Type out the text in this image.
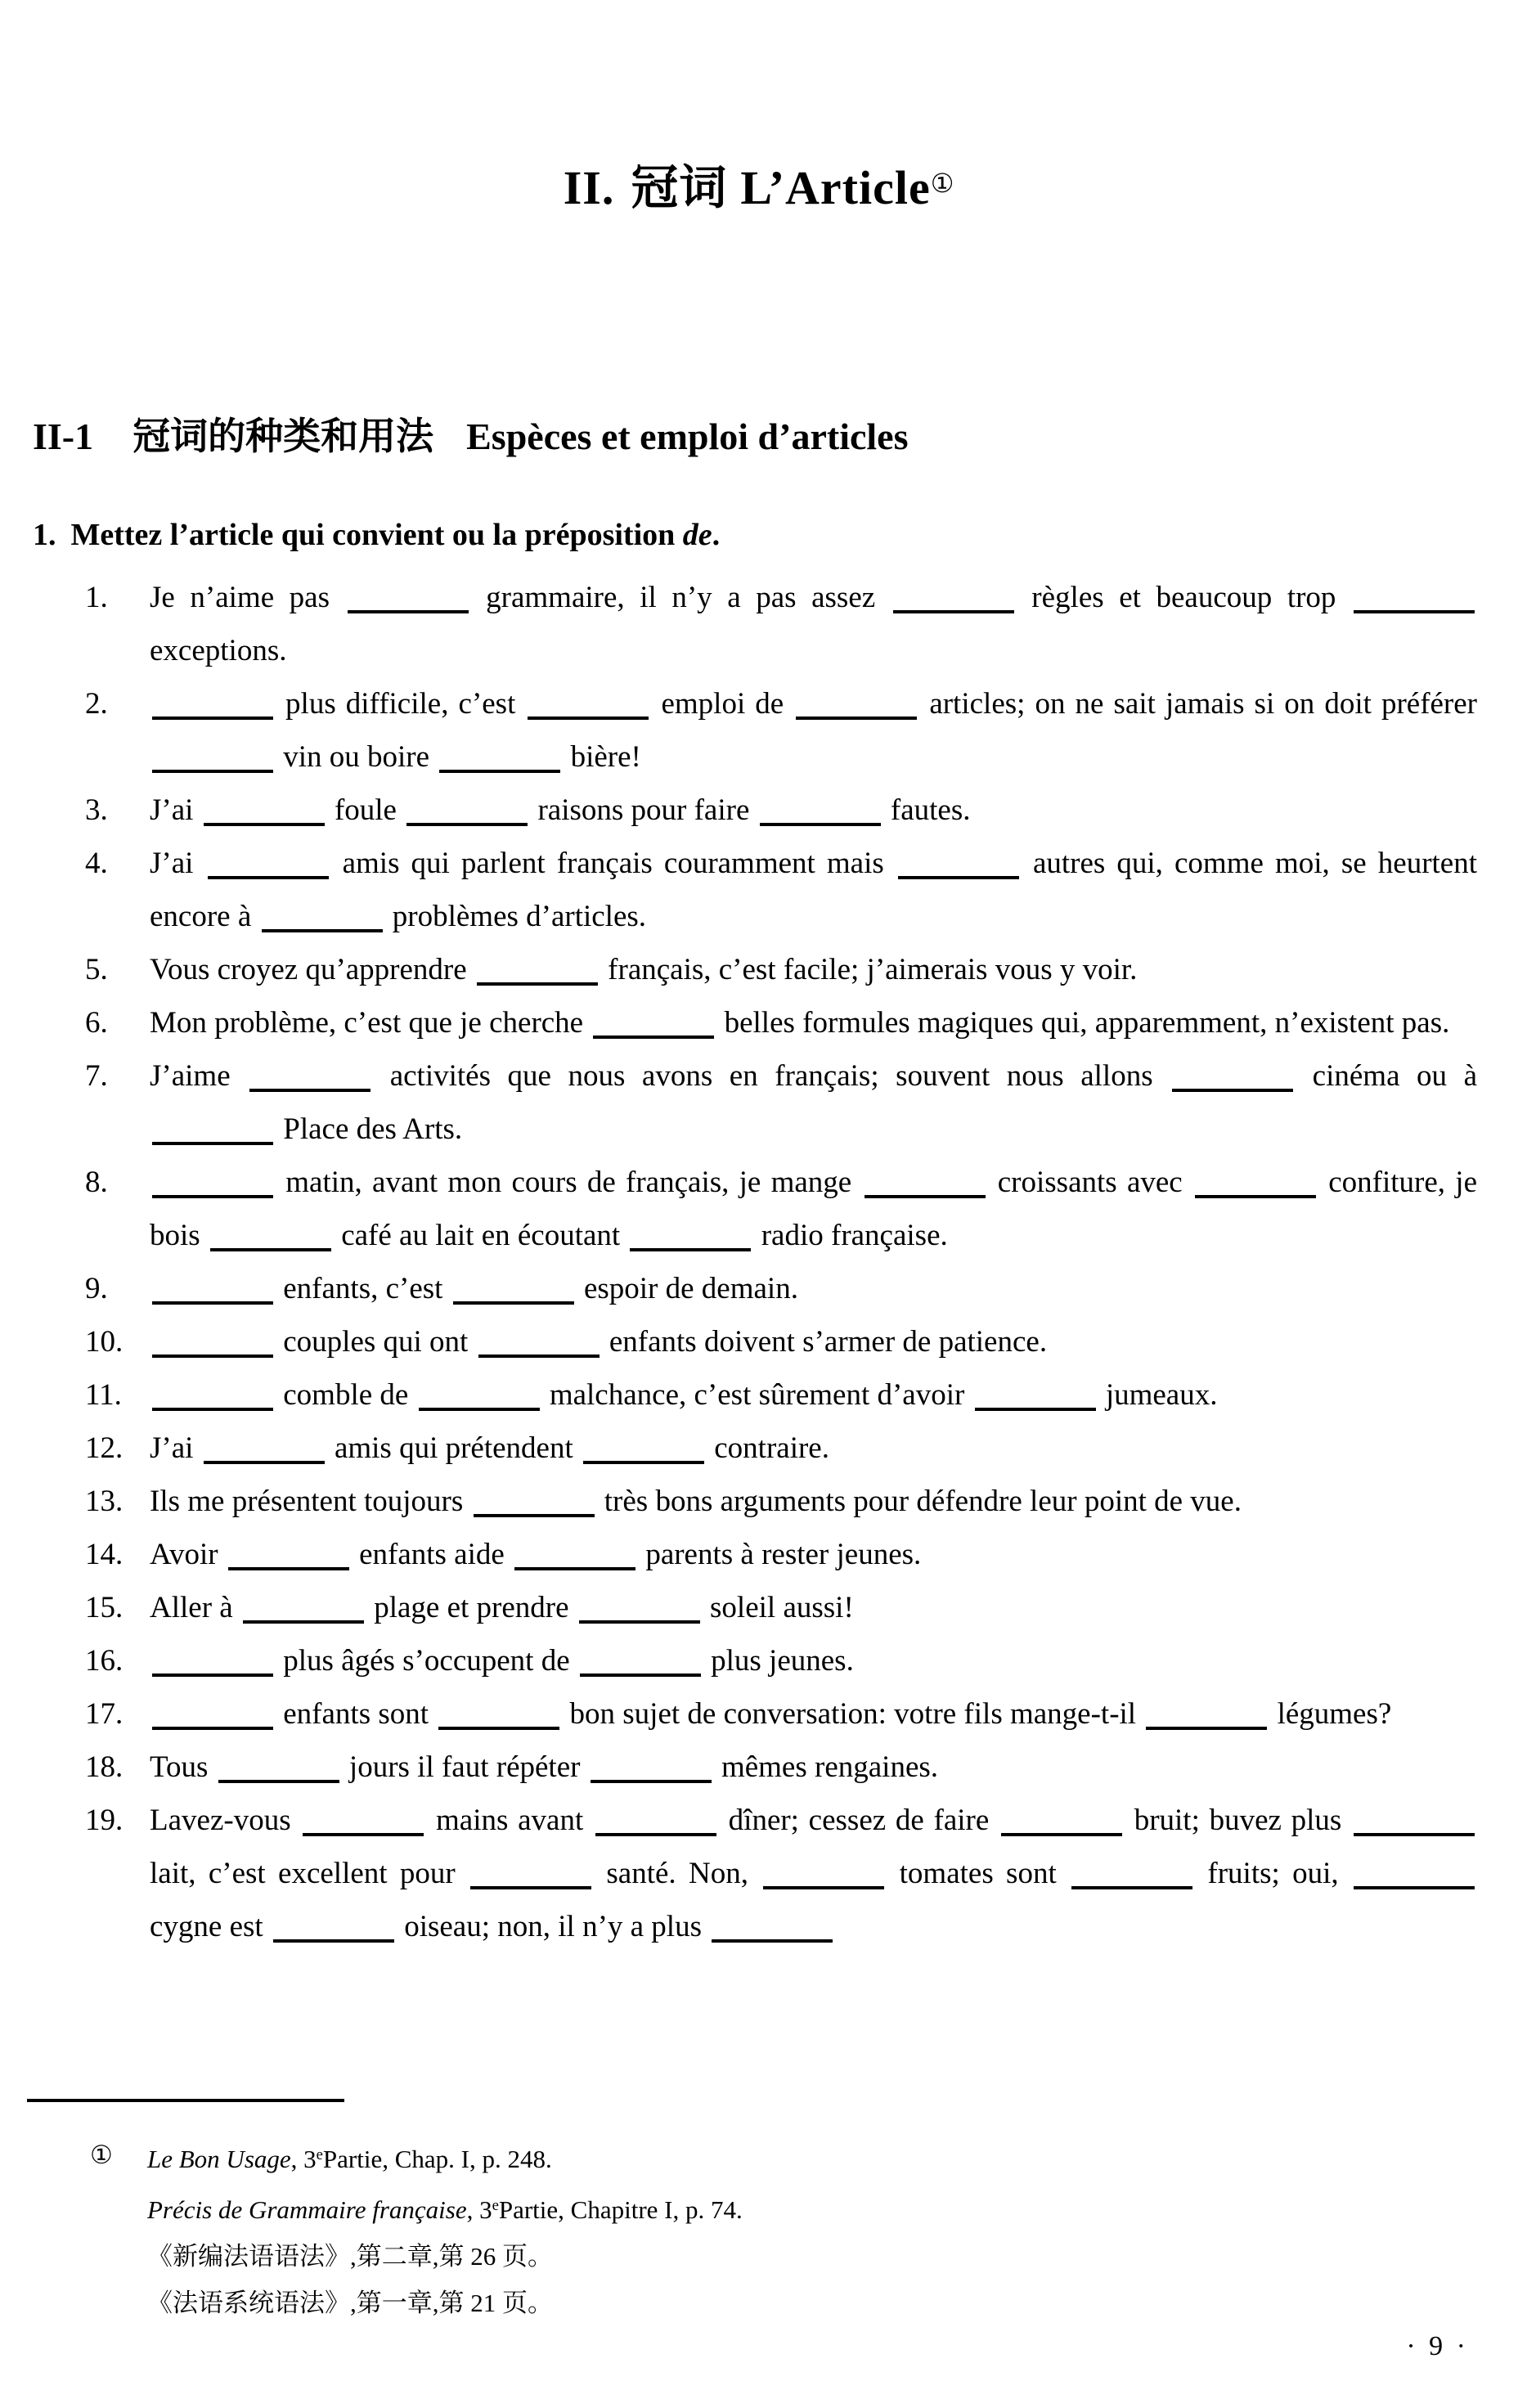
II. 冠词 L’Article①
II-1 冠词的种类和用法 Espèces et emploi d’articles
1. Mettez l’article qui convient ou la préposition de.
1. Je n’aime pas	grammaire, il n’y a pas assez	règles et beaucoup trop  exceptions.
2.	plus difficile, c’est	emploi de	articles; on ne sait jamais si on doit préférer  vin ou boire	bière!
3. J’ai	foule	raisons pour faire	fautes.
4. J’ai	amis qui parlent français couramment mais	autres qui, comme moi, se heurtent encore à	problèmes d’articles.
5. Vous croyez qu’apprendre	français, c’est facile; j’aimerais vous y voir.
6. Mon problème, c’est que je cherche	belles formules magiques qui, apparemment, n’existent pas.
7. J’aime	activités que nous avons en français; souvent nous allons	cinéma ou à  Place des Arts.
8.	matin, avant mon cours de français, je mange	croissants avec	confiture, je bois	café au lait en écoutant	radio française.
9.	enfants, c’est	espoir de demain.
10.	couples qui ont	enfants doivent s’armer de patience.
11.	comble de	malchance, c’est sûrement d’avoir	jumeaux.
12. J’ai	amis qui prétendent	contraire.
13. Ils me présentent toujours	très bons arguments pour défendre leur point de vue.
14. Avoir	enfants aide	parents à rester jeunes.
15. Aller à	plage et prendre	soleil aussi!
16.	plus âgés s’occupent de	plus jeunes.
17.	enfants sont	bon sujet de conversation: votre fils mange-t-il	légumes?
18. Tous	jours il faut répéter	mêmes rengaines.
19. Lavez-vous	mains avant	dîner; cessez de faire	bruit; buvez plus  lait, c’est excellent pour	santé. Non,	tomates sont	fruits; oui,  cygne est	oiseau; non, il n’y a plus
① Le Bon Usage, 3ePartie, Chap. I, p. 248.
Précis de Grammaire française, 3ePartie, Chapitre I, p. 74.
《新编法语语法》,第二章,第 26 页。
《法语系统语法》,第一章,第 21 页。
· 9 ·
